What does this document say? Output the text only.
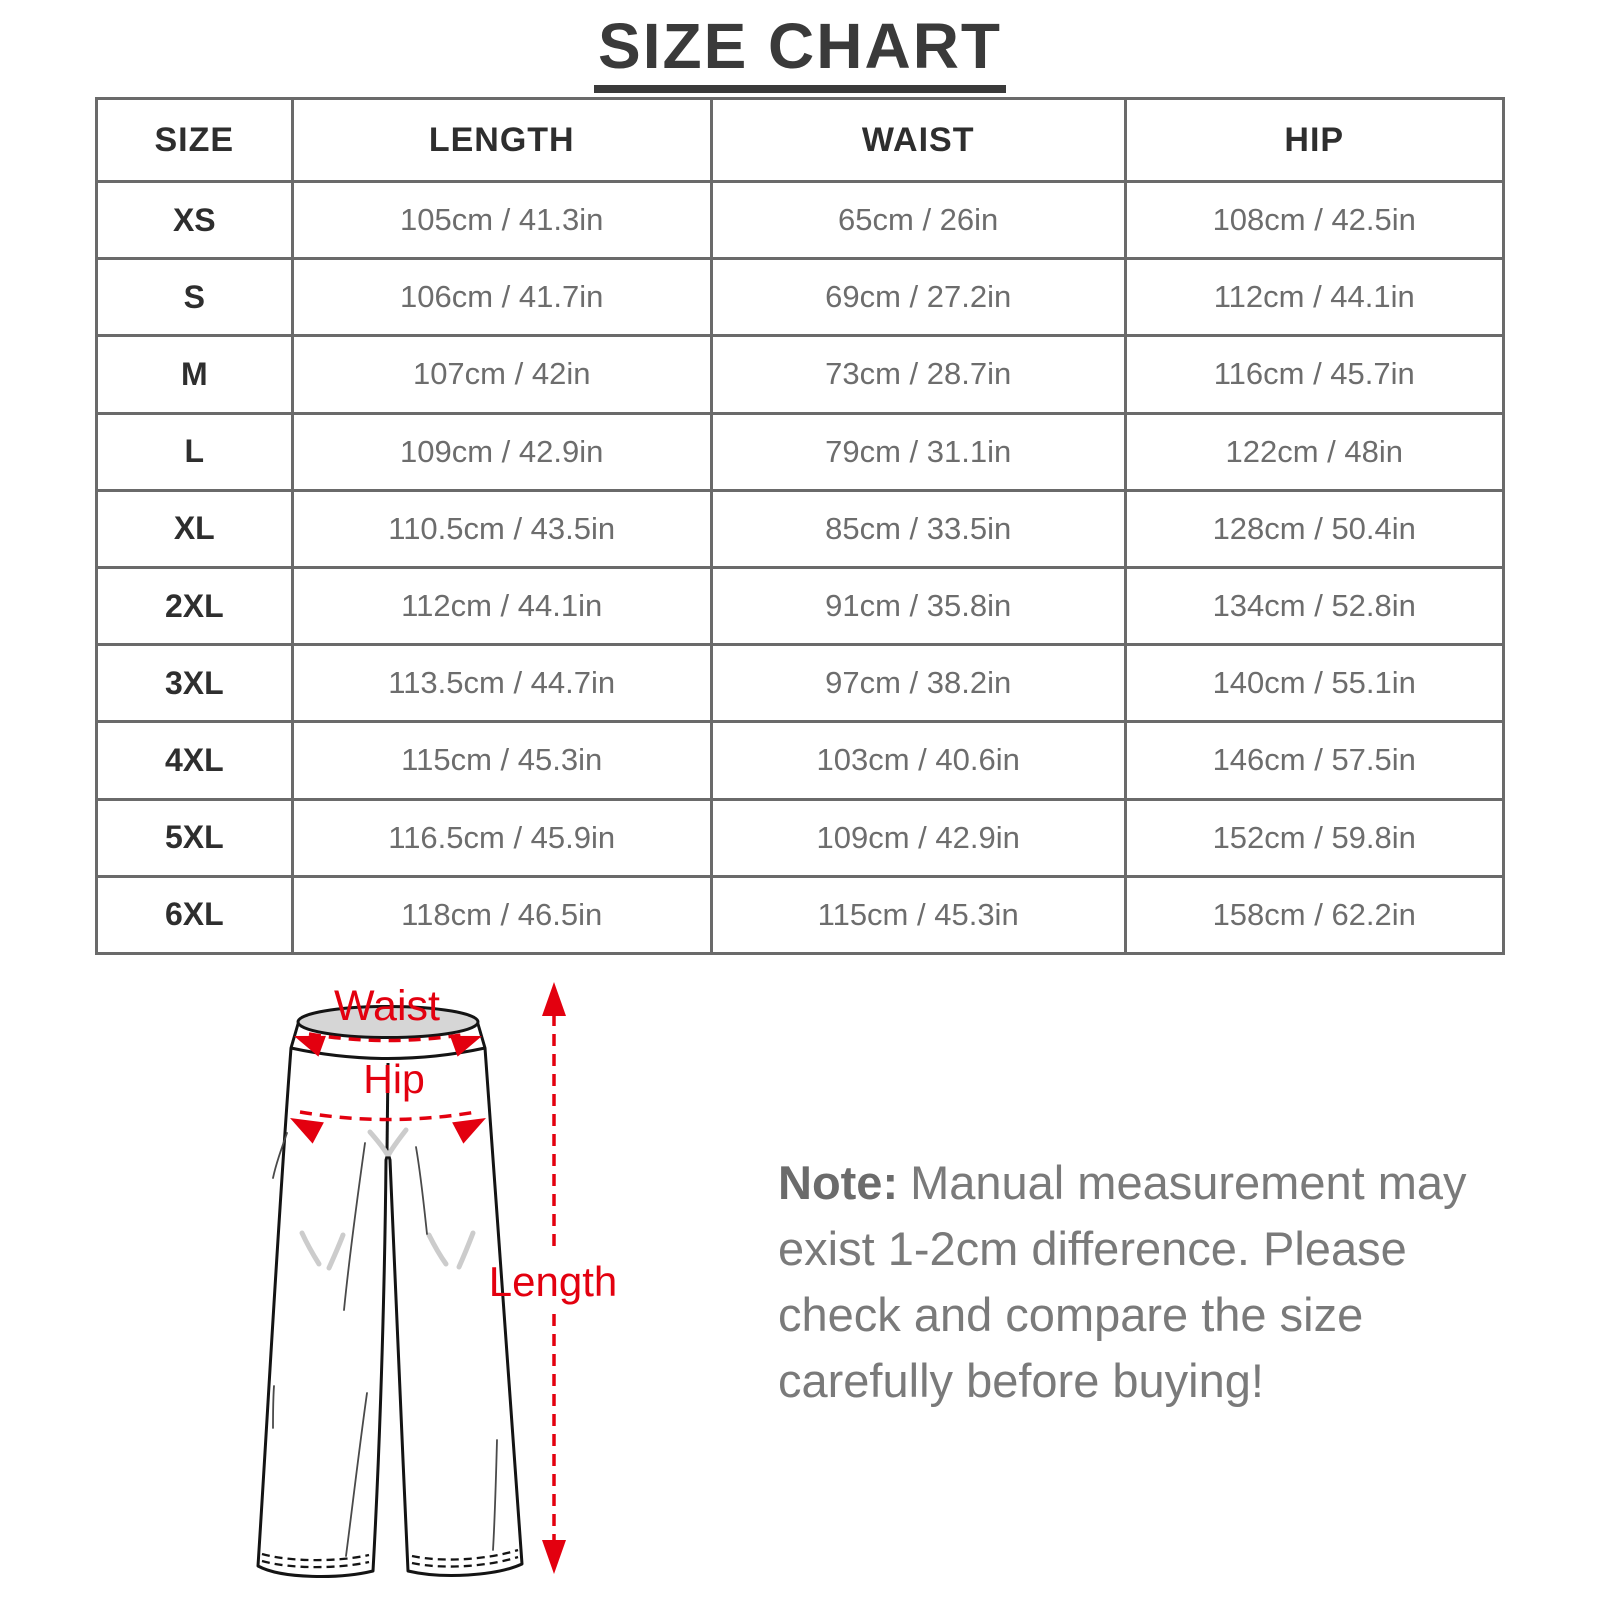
SIZE CHART
SIZE	LENGTH	WAIST	HIP
XS	105cm / 41.3in	65cm / 26in	108cm / 42.5in
S	106cm / 41.7in	69cm / 27.2in	112cm / 44.1in
M	107cm / 42in	73cm / 28.7in	116cm / 45.7in
L	109cm / 42.9in	79cm / 31.1in	122cm / 48in
XL	110.5cm / 43.5in	85cm / 33.5in	128cm / 50.4in
2XL	112cm / 44.1in	91cm / 35.8in	134cm / 52.8in
3XL	113.5cm / 44.7in	97cm / 38.2in	140cm / 55.1in
4XL	115cm / 45.3in	103cm / 40.6in	146cm / 57.5in
5XL	116.5cm / 45.9in	109cm / 42.9in	152cm / 59.8in
6XL	118cm / 46.5in	115cm / 45.3in	158cm / 62.2in
Waist
Hip
Length
Note: Manual measurement may
exist 1-2cm difference. Please
check and compare the size
carefully before buying!
